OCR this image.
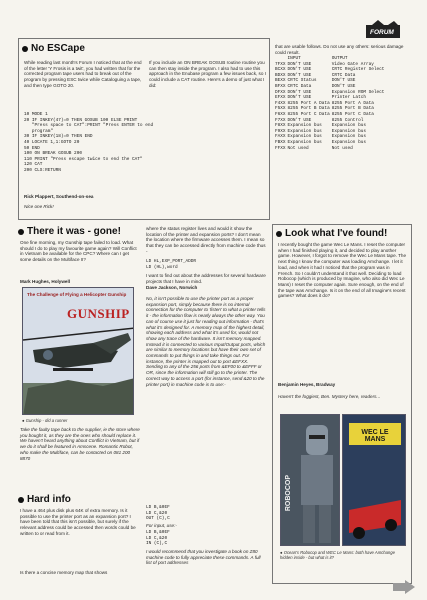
FORUM
No ESCape
While reading last month's Forum I noticed that at the end of the letter 'Y Frosis is a twit', you had written that for the corrected program tape users had to break out of the program by pressing ESC twice while Cataloguing a tape, and then type GOTO 20.
If you include an ON BREAK GOSUB routine routine you can then stay inside the program. I also had to use this approach in the Enubase program a few issues back, so I could include a CAT routine. Here's a demo of just what I did:
10 MODE 1
20 IF INKEY(47)=0 THEN GOSUB 100 ELSE PRINT
"Press space to CAT":PRINT "Press ENTER to end
program"
30 IF INKEY(18)=0 THEN END
40 LOCATE 1,1:GOTO 20
50 END
100 ON BREAK GOSUB 200
110 PRINT "Press escape twice to end the CAT"
120 CAT
200 CLS:RETURN
Rick Plappert, Southend-on-sea
Nice one Rick!
that are usable follows. Do not use any others: serious damage could result.
	INPUT	OUTPUT
7FXX	DON'T USE	Video Gate Array
BCXX	DON'T USE	CRTC Register Select
BDXX	DON'T USE	CRTC Data
BEXX	CRTC Status	DON'T USE
BFXX	CRTC Data	DON'T USE
DFXX	DON'T USE	Expansion ROM Select
EFXX	DON'T USE	Printer Latch
F4XX	8255 Port A Data	8255 Port A Data
F5XX	8255 Port B Data	8255 Port B Data
F6XX	8255 Port C Data	8255 Port C Data
F7XX	DON'T USE	8255 Control
F8XX	Expansion bus	Expansion bus
F9XX	Expansion bus	Expansion bus
FAXX	Expansion bus	Expansion bus
FBXX	Expansion bus	Expansion bus
FFXX	Not used	Not used
There it was - gone!
One fine morning, my Gunship tape failed to load. What should I do to play my favourite game again? Will Conflict in Vietnam be available for the CPC? Where can I get some details on the Multiface II?
Mark Hughes, Holywell
The Challenge of Flying a Helicopter Gunship
GUNSHIP
● Gunship - did a runner
Take the faulty tape back to the supplier, ie the store where you bought it, as they are the ones who should replace it. We haven't heard anything about Conflict in Vietnam, but if we do it shall be featured in Amscene. Romantic Robot, who make the Multiface, can be contacted on 081 200 8870
Hard info
I have a 464 plus disk plus 64K of extra memory. Is it possible to use the printer port as an expansion port? I have been told that this isn't possible, but surely if the relevant address could be accessed then words could be written to or read from it.
Is there a concise memory map that shows
where the status register lives and would it show the location of the printer and expansion ports? I don't mean the location where the firmware accesses them. I mean so that they can be accessed directly from machine code thus -
LD HL,EXP_PORT_ADDR
LD (HL),word
I want to find out about the addresses for several hardware projects that I have in mind.
Dave Jackson, Norwich
No, it isn't possible to use the printer port as a proper expansion port, simply because there is no internal connection for the computer to 'listen' to what a printer tells it - the information flow is nearly always the other way. You can of course use it just for reading out information - that's what it's designed for. A memory map of the highest detail, showing each address and what it's used for, would not show any trace of the hardware. It isn't memory mapped. Instead it is connected to various Input/Output ports, which are similar to memory locations but have their own set of commands to put things in and take things out. For instance, the printer is mapped out to port &EFXX. Sending to any of the 256 ports from &EF00 to &EFFF or OR, since the information will still go to the printer. The correct way to access a port (for instance, send &20 to the printer port) in machine code is to use:-
LD B,&0EF
LD C,&20
OUT (C),C
For input, use:-
LD B,&0EF
LD C,&20
IN (C),C
I would recommend that you investigate a book on Z80 machine code to fully appreciate these commands. A full list of port addresses
Look what I've found!
I recently bought the game Wec Le Mans. I reset the computer when I had finished playing it, and decided to play another game. However, I forgot to remove the Wec Le Mans tape. The next thing I know the computer was loading Amchange. I let it load, and when it had I noticed that the program was in French. So I couldn't understand it that well. Deciding to load Robocop (which is produced by Imagine, who also did Wec Le Mans) I reset the computer again. Sure enough, on the end of the tape was Amchange. Is it on the end of all Imagine's recent games? What does it do?
Benjamin Heyes, Bradway
Haven't the foggiest, Ben. Mystery here, readers...
ROBOCOP
WEC LE MANS
● Ocean's Robocop and WEC Le Mans: both have Amchange hidden inside - but what is it?
